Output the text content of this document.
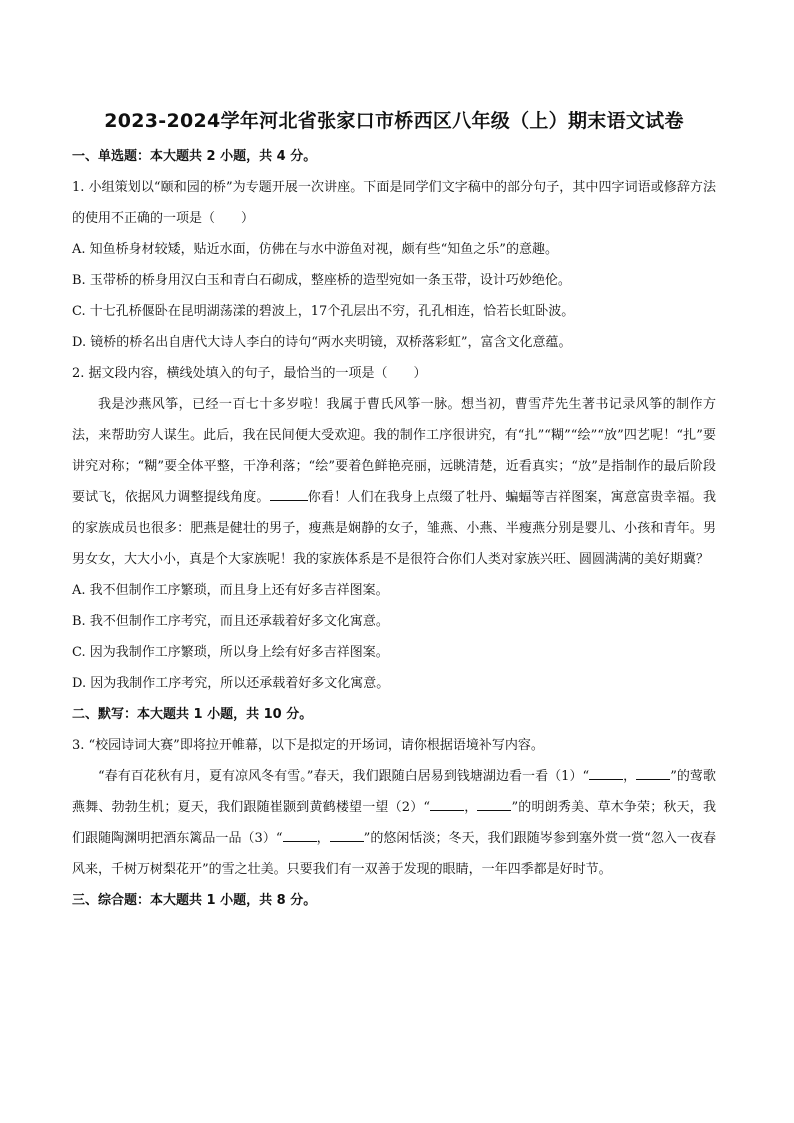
2023-2024学年河北省张家口市桥西区八年级（上）期末语文试卷
一、单选题：本大题共 2 小题，共 4 分。
1. 小组策划以“颐和园的桥”为专题开展一次讲座。下面是同学们文字稿中的部分句子，其中四字词语或修辞方法的使用不正确的一项是（　　）
A. 知鱼桥身材较矮，贴近水面，仿佛在与水中游鱼对视，颇有些“知鱼之乐”的意趣。
B. 玉带桥的桥身用汉白玉和青白石砌成，整座桥的造型宛如一条玉带，设计巧妙绝伦。
C. 十七孔桥偃卧在昆明湖荡漾的碧波上，17个孔层出不穷，孔孔相连，恰若长虹卧波。
D. 镜桥的桥名出自唐代大诗人李白的诗句“两水夹明镜，双桥落彩虹”，富含文化意蕴。
2. 据文段内容，横线处填入的句子，最恰当的一项是（　　）
我是沙燕风筝，已经一百七十多岁啦！我属于曹氏风筝一脉。想当初，曹雪芹先生著书记录风筝的制作方法，来帮助穷人谋生。此后，我在民间便大受欢迎。我的制作工序很讲究，有“扎”“糊”“绘”“放”四艺呢！“扎”要讲究对称；“糊”要全体平整，干净利落；“绘”要着色鲜艳亮丽，远眺清楚，近看真实；“放”是指制作的最后阶段要试飞，依据风力调整提线角度。	你看！人们在我身上点缀了牡丹、蝙蝠等吉祥图案，寓意富贵幸福。我的家族成员也很多：肥燕是健壮的男子，瘦燕是娴静的女子，雏燕、小燕、半瘦燕分别是婴儿、小孩和青年。男男女女，大大小小，真是个大家族呢！我的家族体系是不是很符合你们人类对家族兴旺、圆圆满满的美好期冀？
A. 我不但制作工序繁琐，而且身上还有好多吉祥图案。
B. 我不但制作工序考究，而且还承载着好多文化寓意。
C. 因为我制作工序繁琐，所以身上绘有好多吉祥图案。
D. 因为我制作工序考究，所以还承载着好多文化寓意。
二、默写：本大题共 1 小题，共 10 分。
3. “校园诗词大赛”即将拉开帷幕，以下是拟定的开场词，请你根据语境补写内容。
“春有百花秋有月，夏有凉风冬有雪。”春天，我们跟随白居易到钱塘湖边看一看（1）“	，	”的莺歌燕舞、勃勃生机；夏天，我们跟随崔颢到黄鹤楼望一望（2）“	，	”的明朗秀美、草木争荣；秋天，我们跟随陶渊明把酒东篱品一品（3）“	，	”的悠闲恬淡；冬天，我们跟随岑参到塞外赏一赏“忽入一夜春风来，千树万树梨花开”的雪之壮美。只要我们有一双善于发现的眼睛，一年四季都是好时节。
三、综合题：本大题共 1 小题，共 8 分。
